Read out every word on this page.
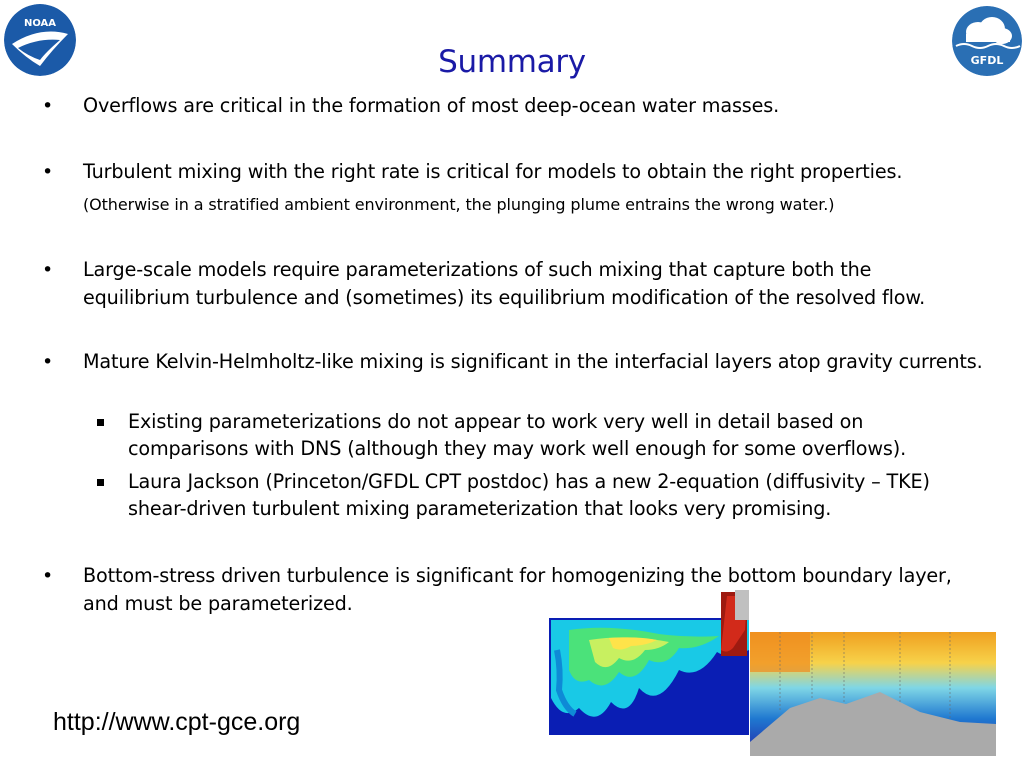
NOAA
GFDL
Summary
• Overflows are critical in the formation of most deep-ocean water masses.
• Turbulent mixing with the right rate is critical for models to obtain the right properties.
(Otherwise in a stratified ambient environment, the plunging plume entrains the wrong water.)
• Large-scale models require parameterizations of such mixing that capture both the equilibrium turbulence and (sometimes) its equilibrium modification of the resolved flow.
• Mature Kelvin-Helmholtz-like mixing is significant in the interfacial layers atop gravity currents.
Existing parameterizations do not appear to work very well in detail based on comparisons with DNS (although they may work well enough for some overflows).
Laura Jackson (Princeton/GFDL CPT postdoc) has a new 2-equation (diffusivity – TKE) shear-driven turbulent mixing parameterization that looks very promising.
• Bottom-stress driven turbulence is significant for homogenizing the bottom boundary layer, and must be parameterized.
http://www.cpt-gce.org
